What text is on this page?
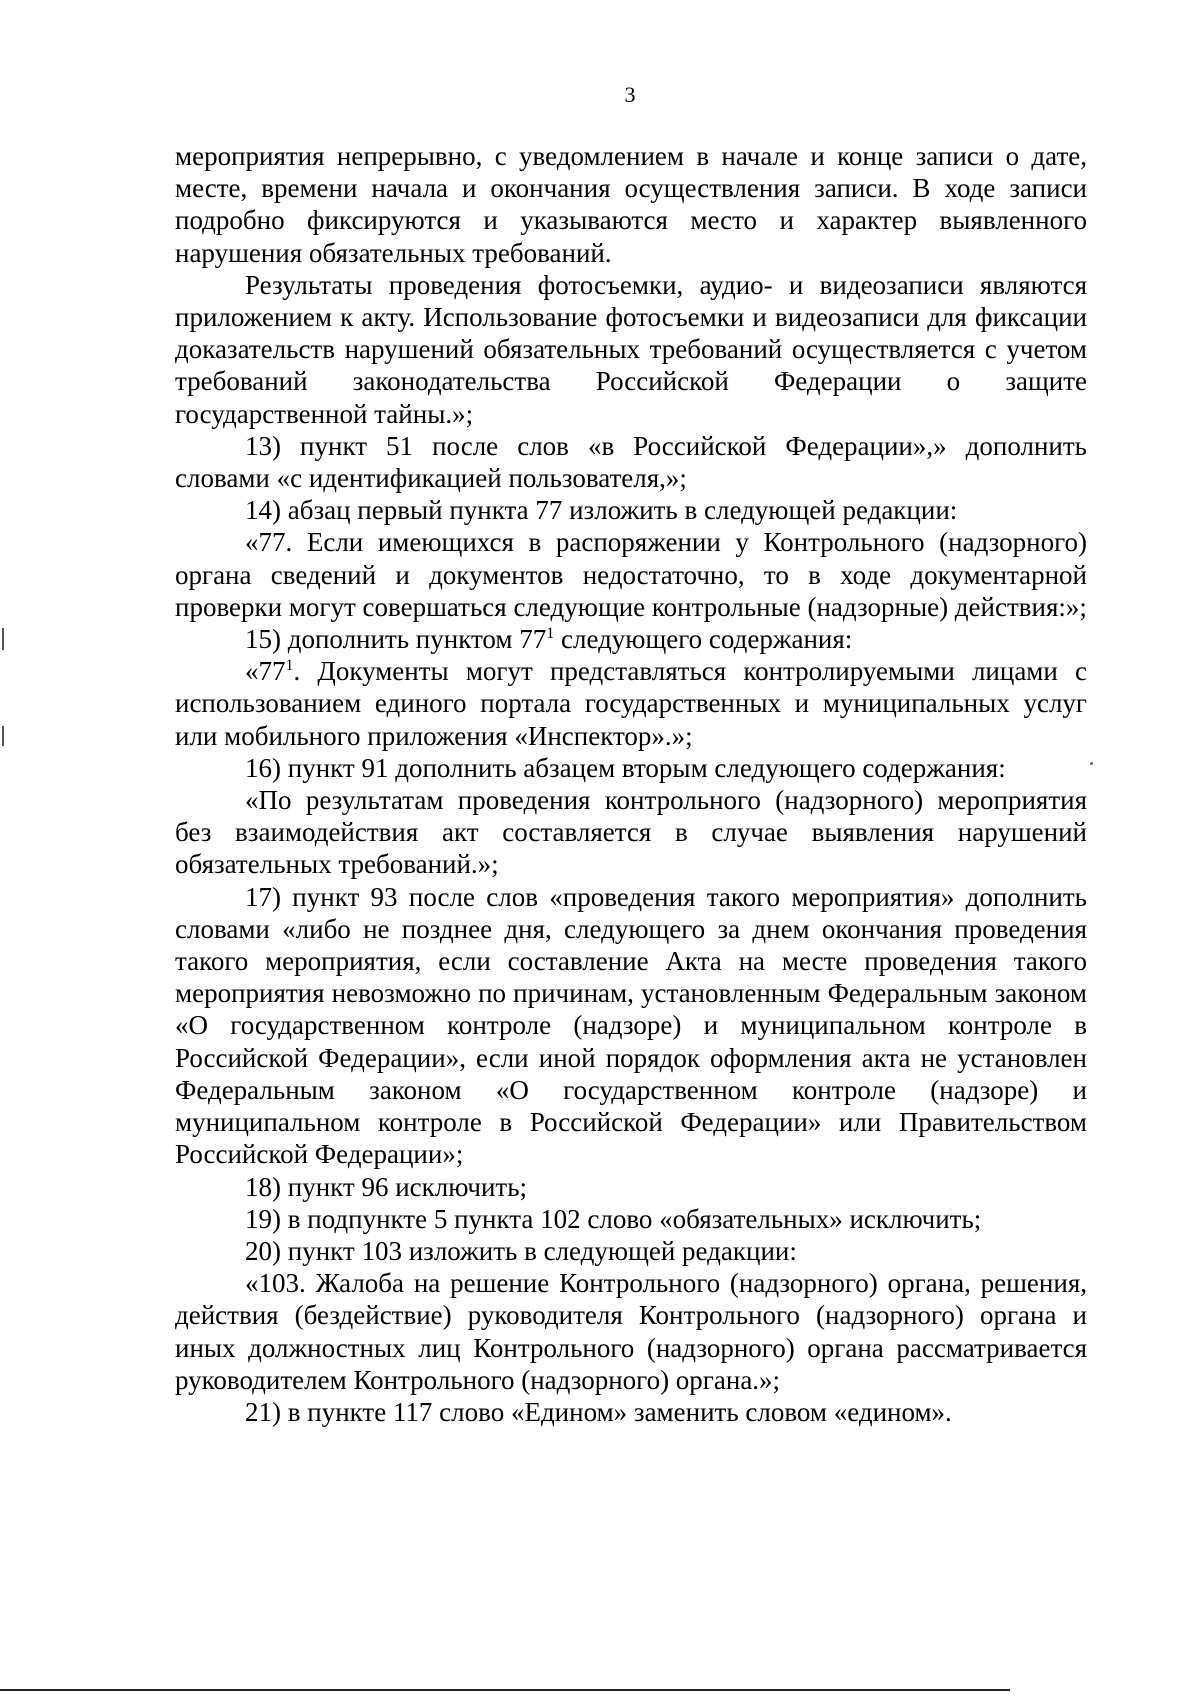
3

мероприятия непрерывно, с уведомлением в начале и конце записи о дате, месте, времени начала и окончания осуществления записи. В ходе записи подробно фиксируются и указываются место и характер выявленного нарушения обязательных требований.

Результаты проведения фотосъемки, аудио- и видеозаписи являются приложением к акту. Использование фотосъемки и видеозаписи для фиксации доказательств нарушений обязательных требований осуществляется с учетом требований законодательства Российской Федерации о защите государственной тайны.»;

13) пункт 51 после слов «в Российской Федерации»,» дополнить словами «с идентификацией пользователя,»;

14) абзац первый пункта 77 изложить в следующей редакции:

«77. Если имеющихся в распоряжении у Контрольного (надзорного) органа сведений и документов недостаточно, то в ходе документарной проверки могут совершаться следующие контрольные (надзорные) действия:»;

15) дополнить пунктом $77^1$ следующего содержания:

«$77^1$. Документы могут представляться контролируемыми лицами с использованием единого портала государственных и муниципальных услуг или мобильного приложения «Инспектор».»;

16) пункт 91 дополнить абзацем вторым следующего содержания:

«По результатам проведения контрольного (надзорного) мероприятия без взаимодействия акт составляется в случае выявления нарушений обязательных требований.»;

17) пункт 93 после слов «проведения такого мероприятия» дополнить словами «либо не позднее дня, следующего за днем окончания проведения такого мероприятия, если составление Акта на месте проведения такого мероприятия невозможно по причинам, установленным Федеральным законом «О государственном контроле (надзоре) и муниципальном контроле в Российской Федерации», если иной порядок оформления акта не установлен Федеральным законом «О государственном контроле (надзоре) и муниципальном контроле в Российской Федерации» или Правительством Российской Федерации»;

18) пункт 96 исключить;

19) в подпункте 5 пункта 102 слово «обязательных» исключить;

20) пункт 103 изложить в следующей редакции:

«103. Жалоба на решение Контрольного (надзорного) органа, решения, действия (бездействие) руководителя Контрольного (надзорного) органа и иных должностных лиц Контрольного (надзорного) органа рассматривается руководителем Контрольного (надзорного) органа.»;

21) в пункте 117 слово «Едином» заменить словом «едином».
